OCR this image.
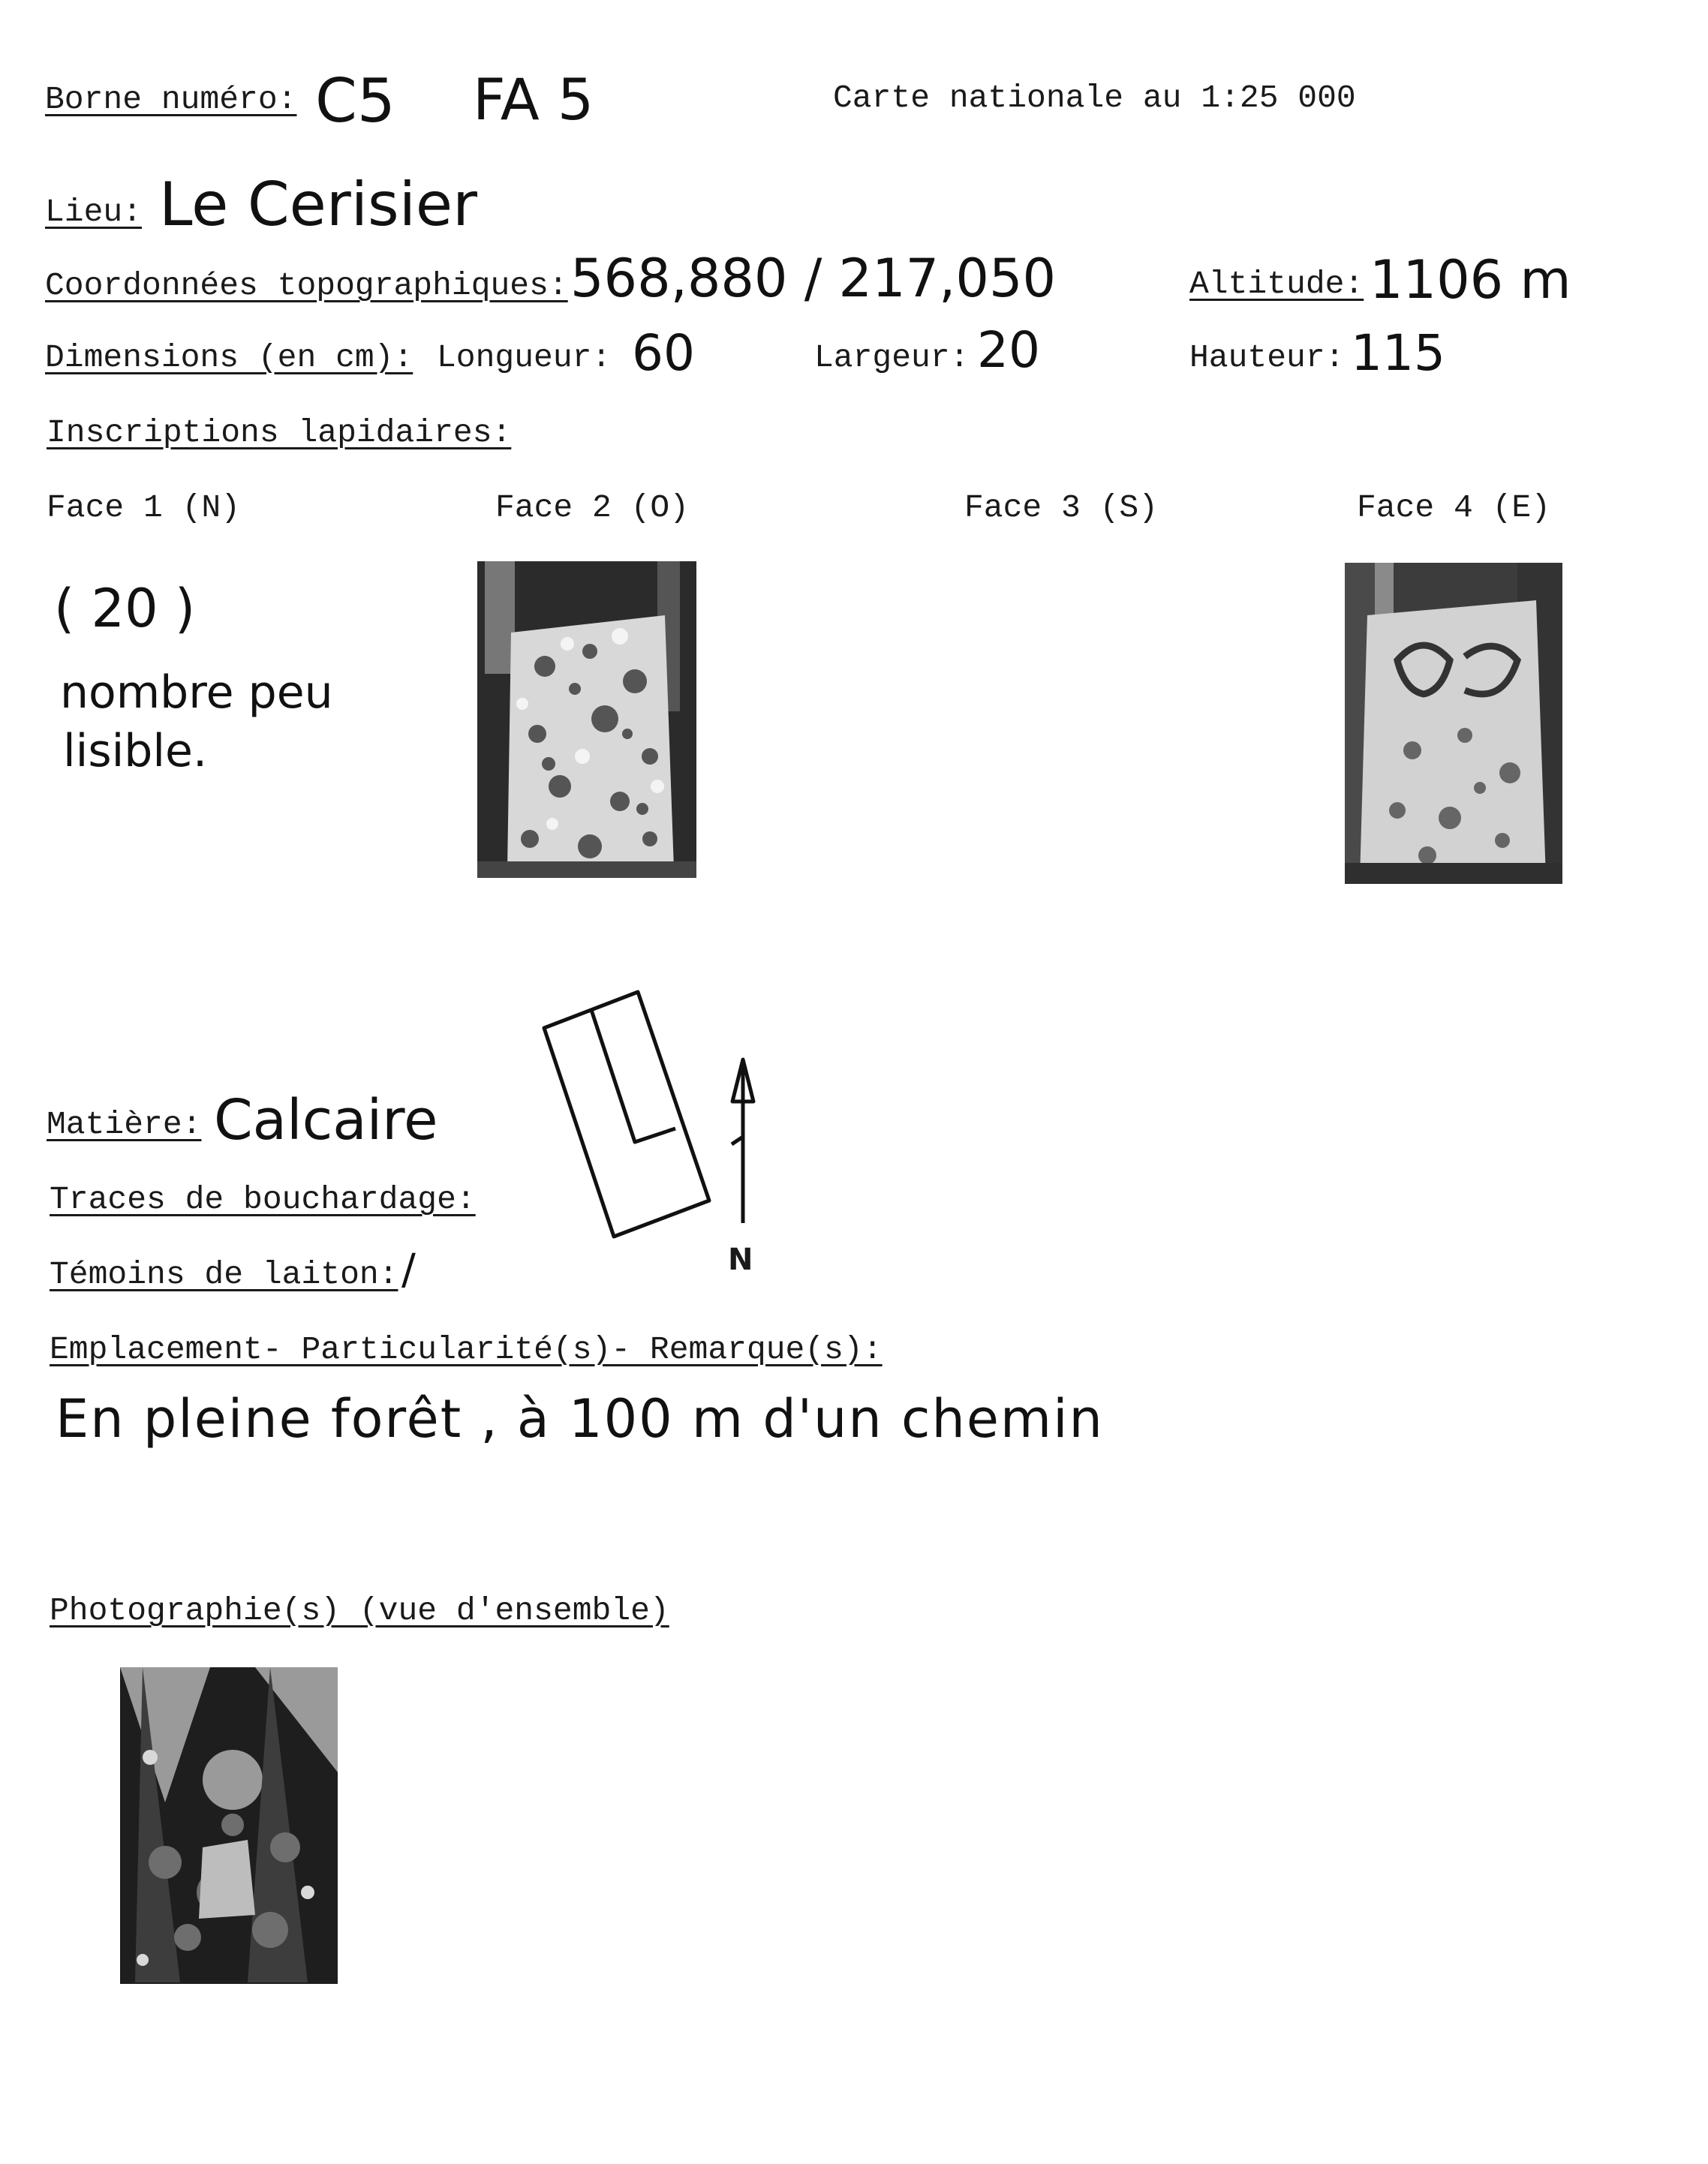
Borne numéro: C5 FA 5	Carte nationale au 1:25 000
Lieu: Le Cerisier
Coordonnées topographiques: 568,880 / 217,050	Altitude: 1106 m
Dimensions (en cm): Longueur: 60	Largeur: 20	Hauteur: 115
Inscriptions lapidaires:
Face 1 (N)	Face 2 (O)	Face 3 (S)	Face 4 (E)
( 20 )
nombre peu
lisible.
N
Matière: Calcaire
Traces de bouchardage:
Témoins de laiton: /
Emplacement- Particularité(s)- Remarque(s):
En pleine forêt , à 100 m d'un chemin
Photographie(s) (vue d'ensemble)
